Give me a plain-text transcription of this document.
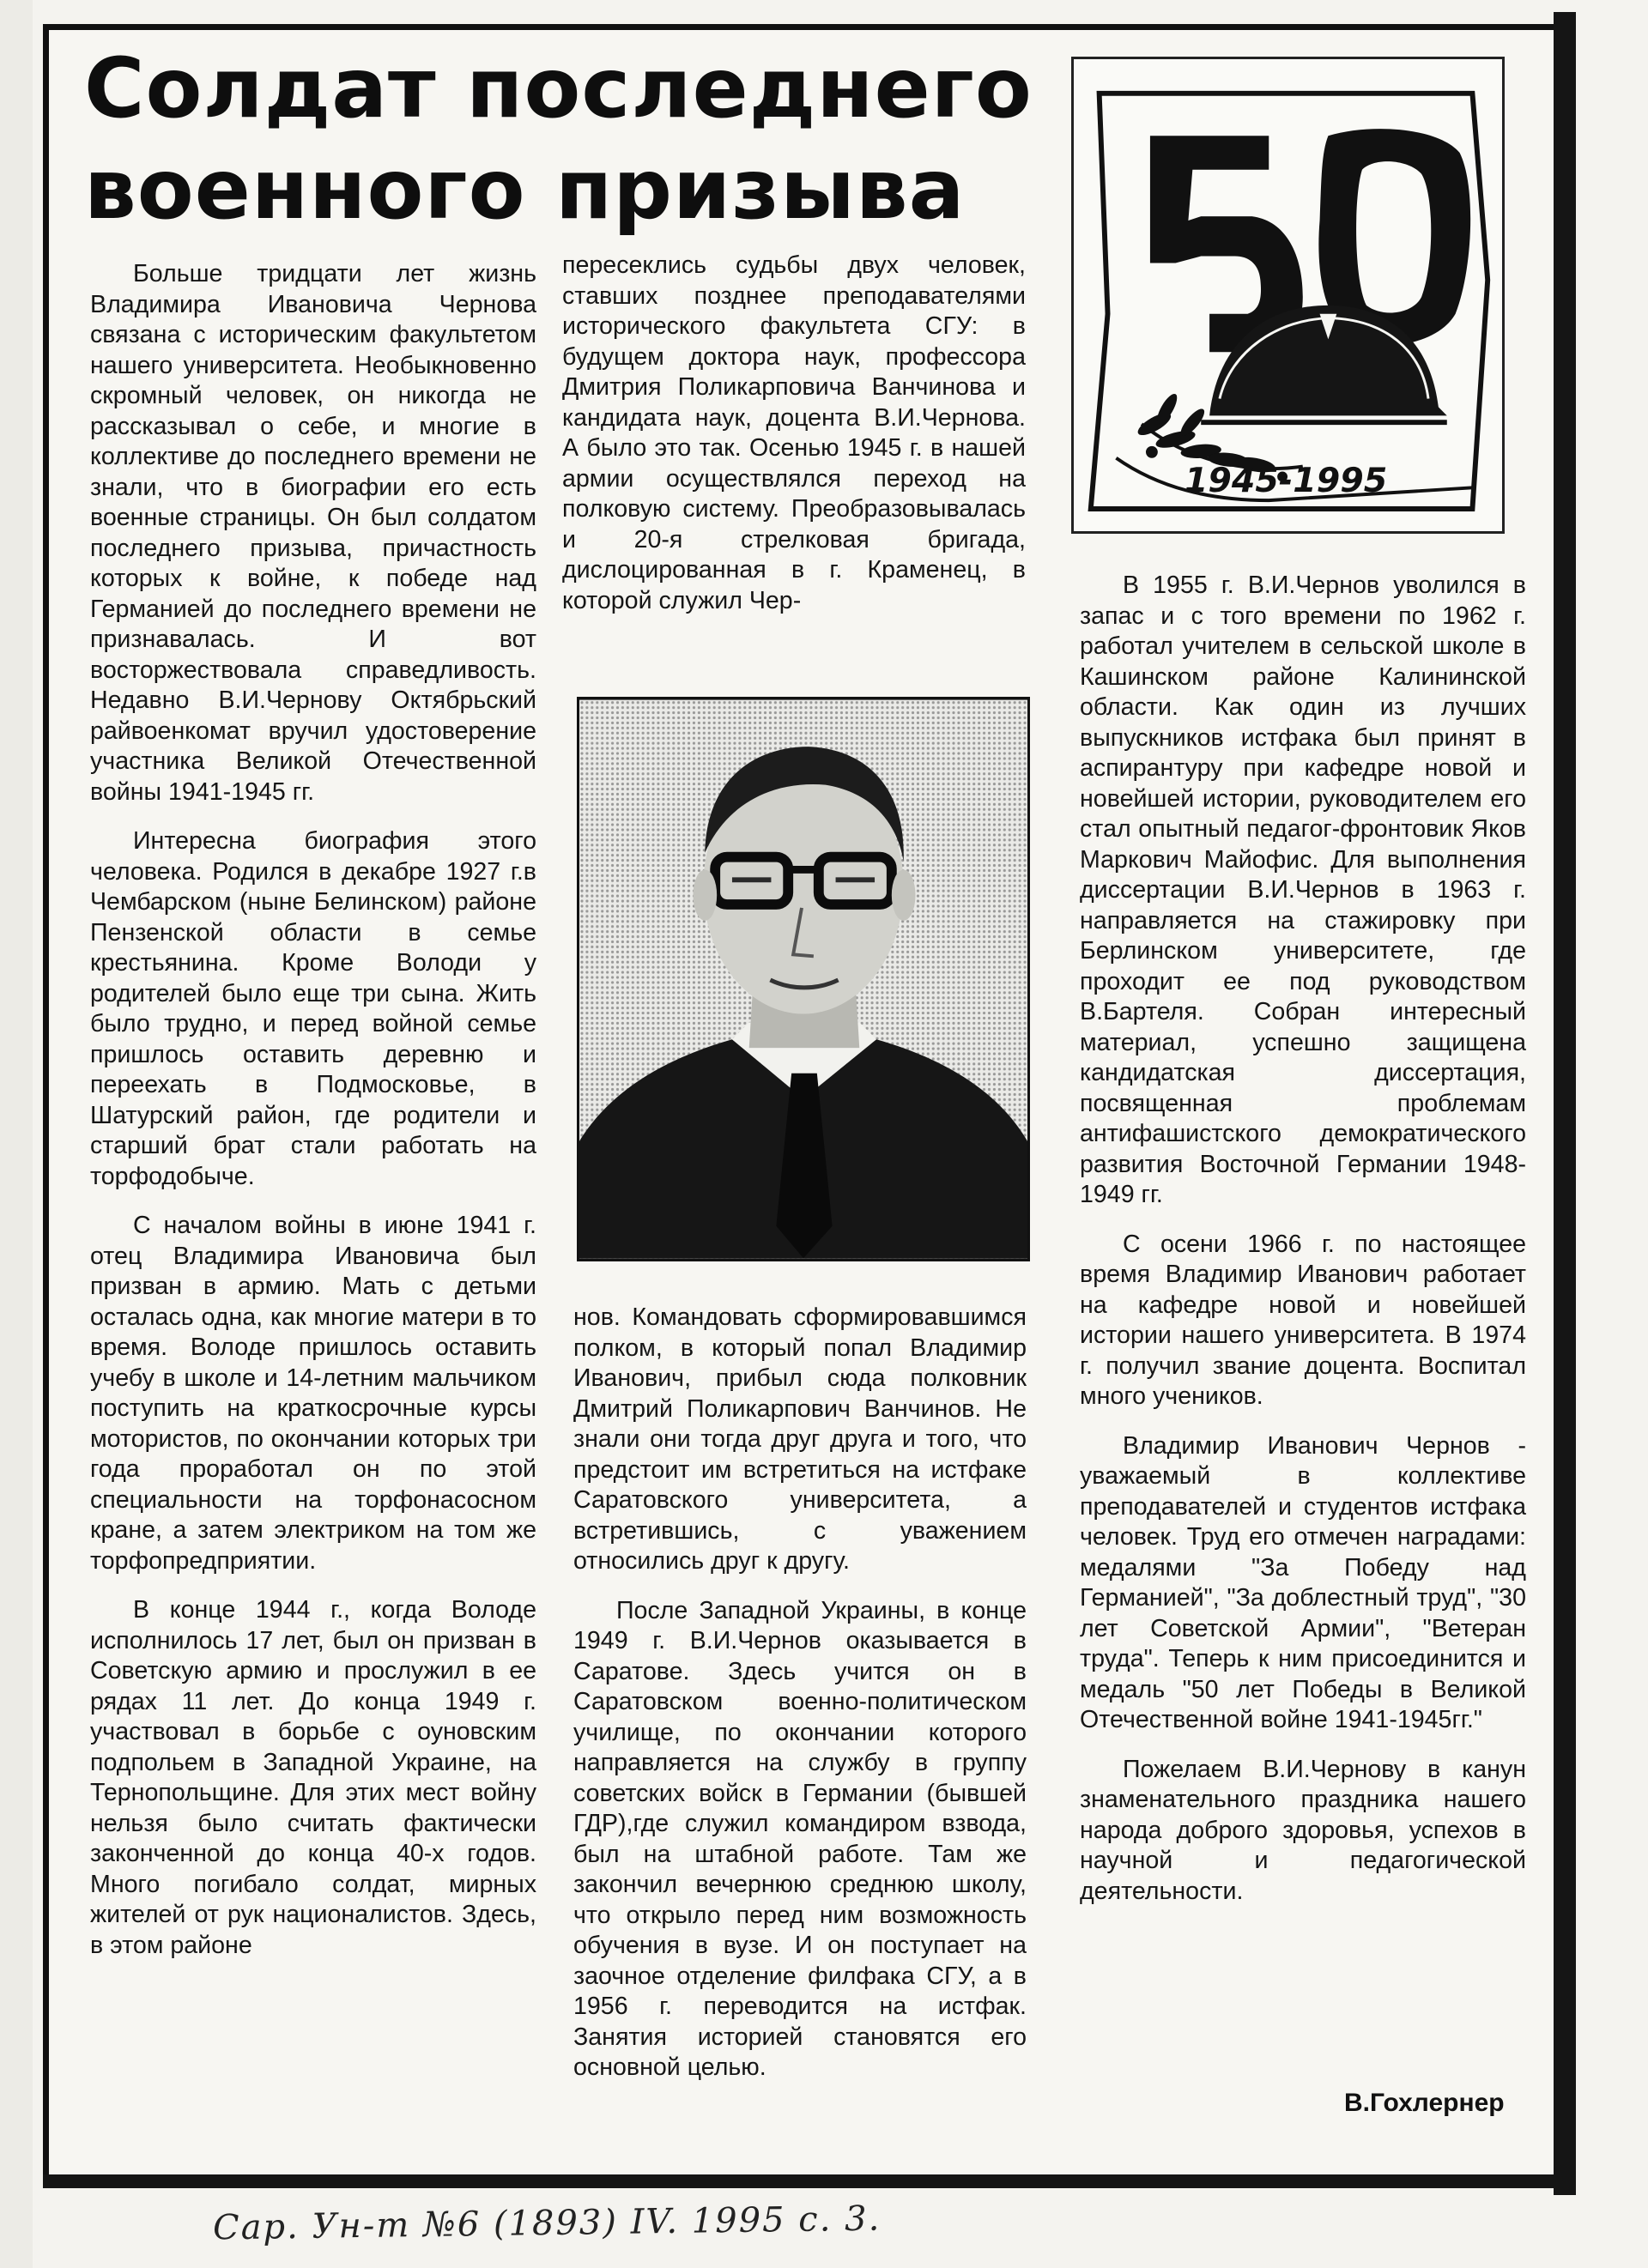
Солдат последнего
военного призыва
1945-1995

Больше тридцати лет жизнь Владимира Ивановича Чернова связана с историческим факультетом нашего университета. Необыкновенно скромный человек, он никогда не рассказывал о себе, и многие в коллективе до последнего времени не знали, что в биографии его есть военные страницы. Он был солдатом последнего призыва, причастность которых к войне, к победе над Германией до последнего времени не признавалась. И вот восторжествовала справедливость. Недавно В.И.Чернову Октябрьский райвоенкомат вручил удостоверение участника Великой Отечественной войны 1941-1945 гг.

Интересна биография этого человека. Родился в декабре 1927 г.в Чембарском (ныне Белинском) районе Пензенской области в семье крестьянина. Кроме Володи у родителей было еще три сына. Жить было трудно, и перед войной семье пришлось оставить деревню и переехать в Подмосковье, в Шатурский район, где родители и старший брат стали работать на торфодобыче.

С началом войны в июне 1941 г. отец Владимира Ивановича был призван в армию. Мать с детьми осталась одна, как многие матери в то время. Володе пришлось оставить учебу в школе и 14-летним мальчиком поступить на краткосрочные курсы мотористов, по окончании которых три года проработал он по этой специальности на торфонасосном кране, а затем электриком на том же торфопредприятии.

В конце 1944 г., когда Володе исполнилось 17 лет, был он призван в Советскую армию и прослужил в ее рядах 11 лет. До конца 1949 г. участвовал в борьбе с оуновским подпольем в Западной Украине, на Тернопольщине. Для этих мест войну нельзя было считать фактически законченной до конца 40-х годов. Много погибало солдат, мирных жителей от рук националистов. Здесь, в этом районе

пересеклись судьбы двух человек, ставших позднее преподавателями исторического факультета СГУ: в будущем доктора наук, профессора Дмитрия Поликарповича Ванчинова и кандидата наук, доцента В.И.Чернова. А было это так. Осенью 1945 г. в нашей армии осуществлялся переход на полковую систему. Преобразовывалась и 20-я стрелковая бригада, дислоцированная в г. Краменец, в которой служил Чер-

нов. Командовать сформировавшимся полком, в который попал Владимир Иванович, прибыл сюда полковник Дмитрий Поликарпович Ванчинов. Не знали они тогда друг друга и того, что предстоит им встретиться на истфаке Саратовского университета, а встретившись, с уважением относились друг к другу.

После Западной Украины, в конце 1949 г. В.И.Чернов оказывается в Саратове. Здесь учится он в Саратовском военно-политическом училище, по окончании которого направляется на службу в группу советских войск в Германии (бывшей ГДР),где служил командиром взвода, был на штабной работе. Там же закончил вечернюю среднюю школу, что открыло перед ним возможность обучения в вузе. И он поступает на заочное отделение филфака СГУ, а в 1956 г. переводится на истфак. Занятия историей становятся его основной целью.

В 1955 г. В.И.Чернов уволился в запас и с того времени по 1962 г. работал учителем в сельской школе в Кашинском районе Калининской области. Как один из лучших выпускников истфака был принят в аспирантуру при кафедре новой и новейшей истории, руководителем его стал опытный педагог-фронтовик Яков Маркович Майофис. Для выполнения диссертации В.И.Чернов в 1963 г. направляется на стажировку при Берлинском университете, где проходит ее под руководством В.Бартеля. Собран интересный материал, успешно защищена кандидатская диссертация, посвященная проблемам антифашистского демократического развития Восточной Германии 1948-1949 гг.

С осени 1966 г. по настоящее время Владимир Иванович работает на кафедре новой и новейшей истории нашего университета. В 1974 г. получил звание доцента. Воспитал много учеников.

Владимир Иванович Чернов - уважаемый в коллективе преподавателей и студентов истфака человек. Труд его отмечен наградами: медалями "За Победу над Германией", "За доблестный труд", "30 лет Советской Армии", "Ветеран труда". Теперь к ним присоединится и медаль "50 лет Победы в Великой Отечественной войне 1941-1945гг."

Пожелаем В.И.Чернову в канун знаменательного праздника нашего народа доброго здоровья, успехов в научной и педагогической деятельности.

В.Гохлернер
Сар. Ун-т №6 (1893) IV. 1995 с. 3.
